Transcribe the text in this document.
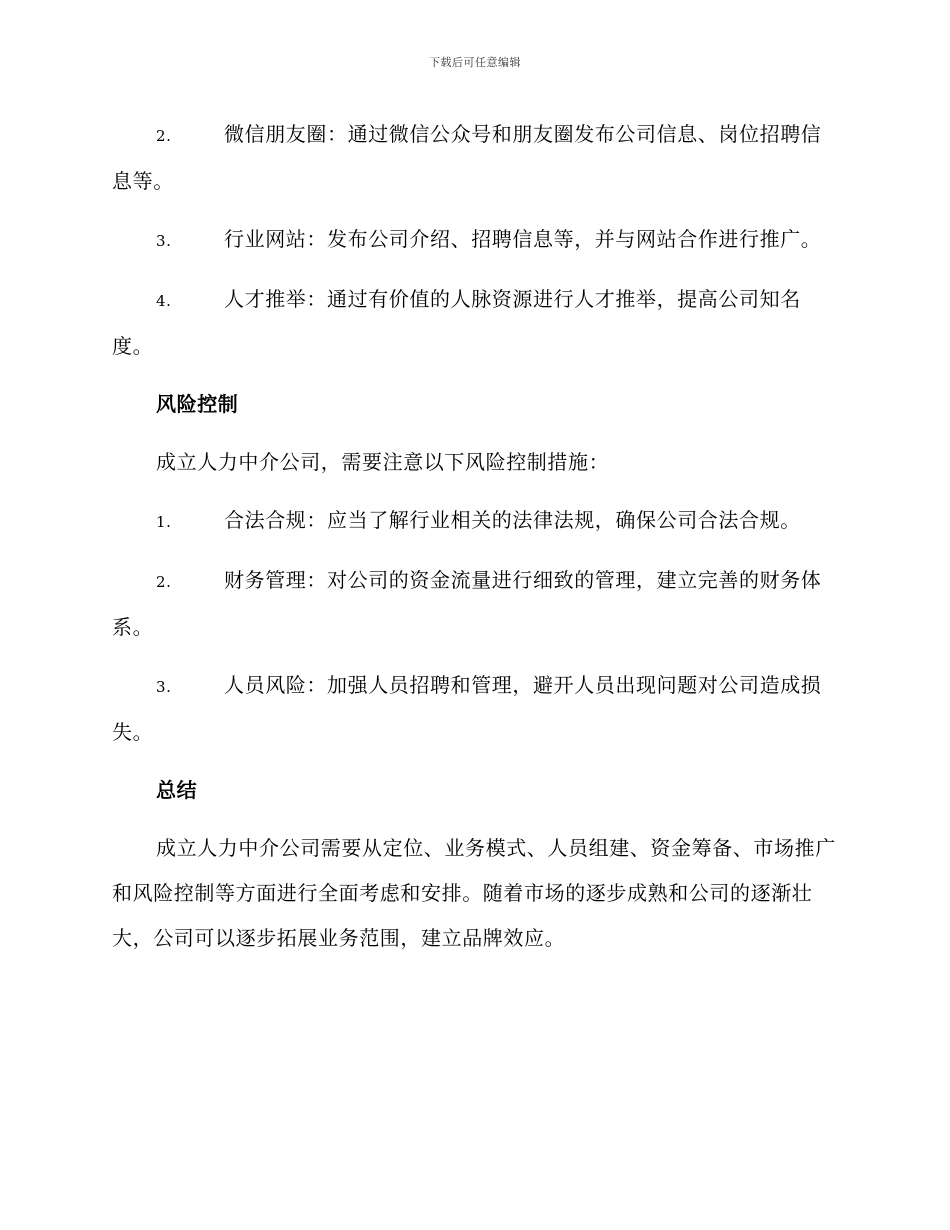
下载后可任意编辑
2.	微信朋友圈：通过微信公众号和朋友圈发布公司信息、岗位招聘信息等。
3.	行业网站：发布公司介绍、招聘信息等，并与网站合作进行推广。
4.	人才推举：通过有价值的人脉资源进行人才推举，提高公司知名度。
风险控制
成立人力中介公司，需要注意以下风险控制措施：
1.	合法合规：应当了解行业相关的法律法规，确保公司合法合规。
2.	财务管理：对公司的资金流量进行细致的管理，建立完善的财务体系。
3.	人员风险：加强人员招聘和管理，避开人员出现问题对公司造成损失。
总结
成立人力中介公司需要从定位、业务模式、人员组建、资金筹备、市场推广和风险控制等方面进行全面考虑和安排。随着市场的逐步成熟和公司的逐渐壮大，公司可以逐步拓展业务范围，建立品牌效应。
